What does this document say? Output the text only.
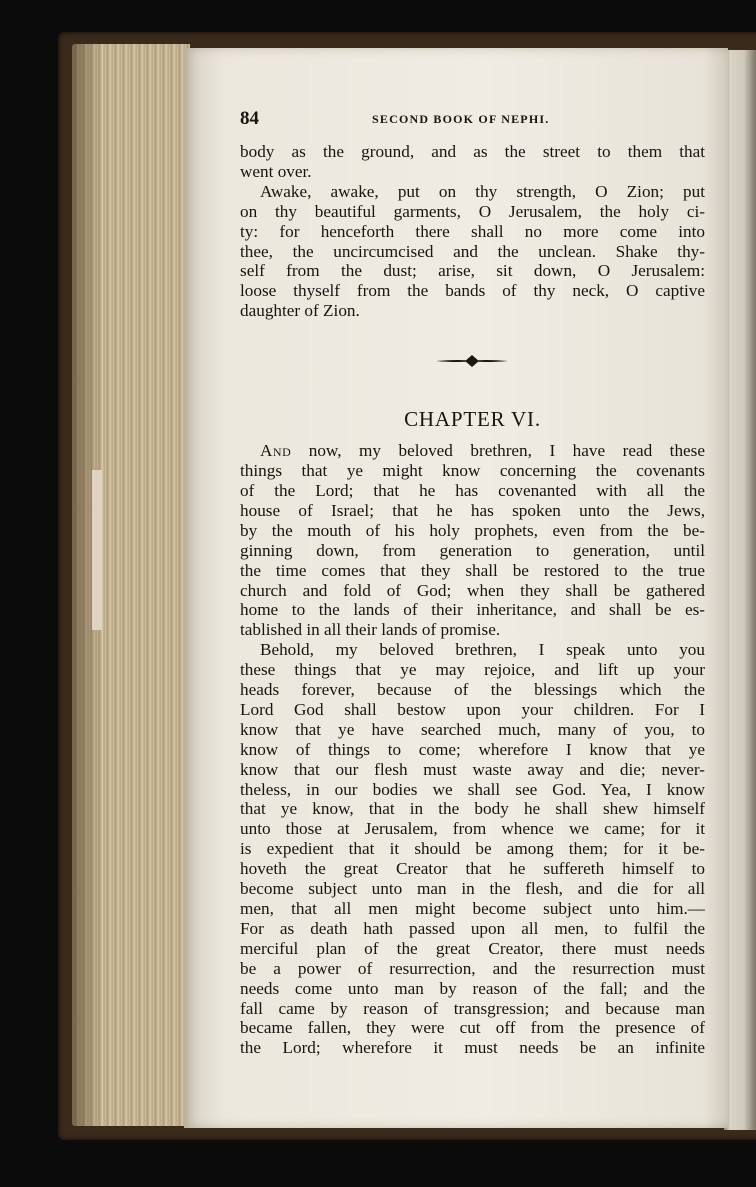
84	SECOND BOOK OF NEPHI.
body as the ground, and as the street to them that
went over.
Awake, awake, put on thy strength, O Zion; put
on thy beautiful garments, O Jerusalem, the holy ci-
ty: for henceforth there shall no more come into
thee, the uncircumcised and the unclean. Shake thy-
self from the dust; arise, sit down, O Jerusalem:
loose thyself from the bands of thy neck, O captive
daughter of Zion.
CHAPTER VI.
And now, my beloved brethren, I have read these
things that ye might know concerning the covenants
of the Lord; that he has covenanted with all the
house of Israel; that he has spoken unto the Jews,
by the mouth of his holy prophets, even from the be-
ginning down, from generation to generation, until
the time comes that they shall be restored to the true
church and fold of God; when they shall be gathered
home to the lands of their inheritance, and shall be es-
tablished in all their lands of promise.
Behold, my beloved brethren, I speak unto you
these things that ye may rejoice, and lift up your
heads forever, because of the blessings which the
Lord God shall bestow upon your children. For I
know that ye have searched much, many of you, to
know of things to come; wherefore I know that ye
know that our flesh must waste away and die; never-
theless, in our bodies we shall see God. Yea, I know
that ye know, that in the body he shall shew himself
unto those at Jerusalem, from whence we came; for it
is expedient that it should be among them; for it be-
hoveth the great Creator that he suffereth himself to
become subject unto man in the flesh, and die for all
men, that all men might become subject unto him.—
For as death hath passed upon all men, to fulfil the
merciful plan of the great Creator, there must needs
be a power of resurrection, and the resurrection must
needs come unto man by reason of the fall; and the
fall came by reason of transgression; and because man
became fallen, they were cut off from the presence of
the Lord; wherefore it must needs be an infinite
